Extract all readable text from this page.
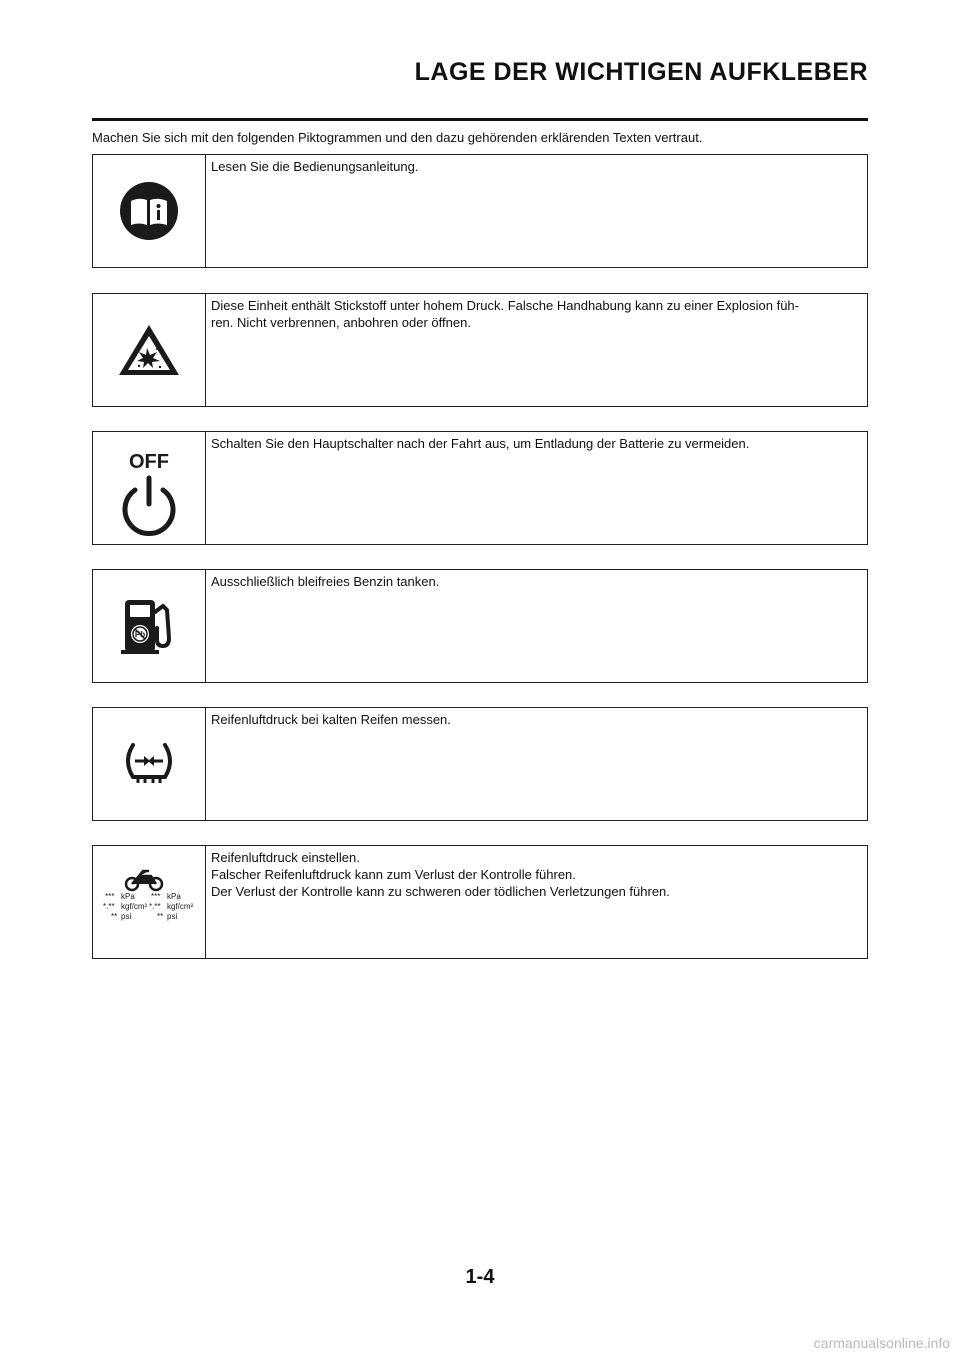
LAGE DER WICHTIGEN AUFKLEBER
Machen Sie sich mit den folgenden Piktogrammen und den dazu gehörenden erklärenden Texten vertraut.
Lesen Sie die Bedienungsanleitung.
Diese Einheit enthält Stickstoff unter hohem Druck. Falsche Handhabung kann zu einer Explosion füh-
ren. Nicht verbrennen, anbohren oder öffnen.
OFF
Schalten Sie den Hauptschalter nach der Fahrt aus, um Entladung der Batterie zu vermeiden.
Pb
Ausschließlich bleifreies Benzin tanken.
Reifenluftdruck bei kalten Reifen messen.
*** kPa
*.** kgf/cm²
** psi
*** kPa
*.** kgf/cm²
** psi
Reifenluftdruck einstellen.
Falscher Reifenluftdruck kann zum Verlust der Kontrolle führen.
Der Verlust der Kontrolle kann zu schweren oder tödlichen Verletzungen führen.
1-4
carmanualsonline.info
